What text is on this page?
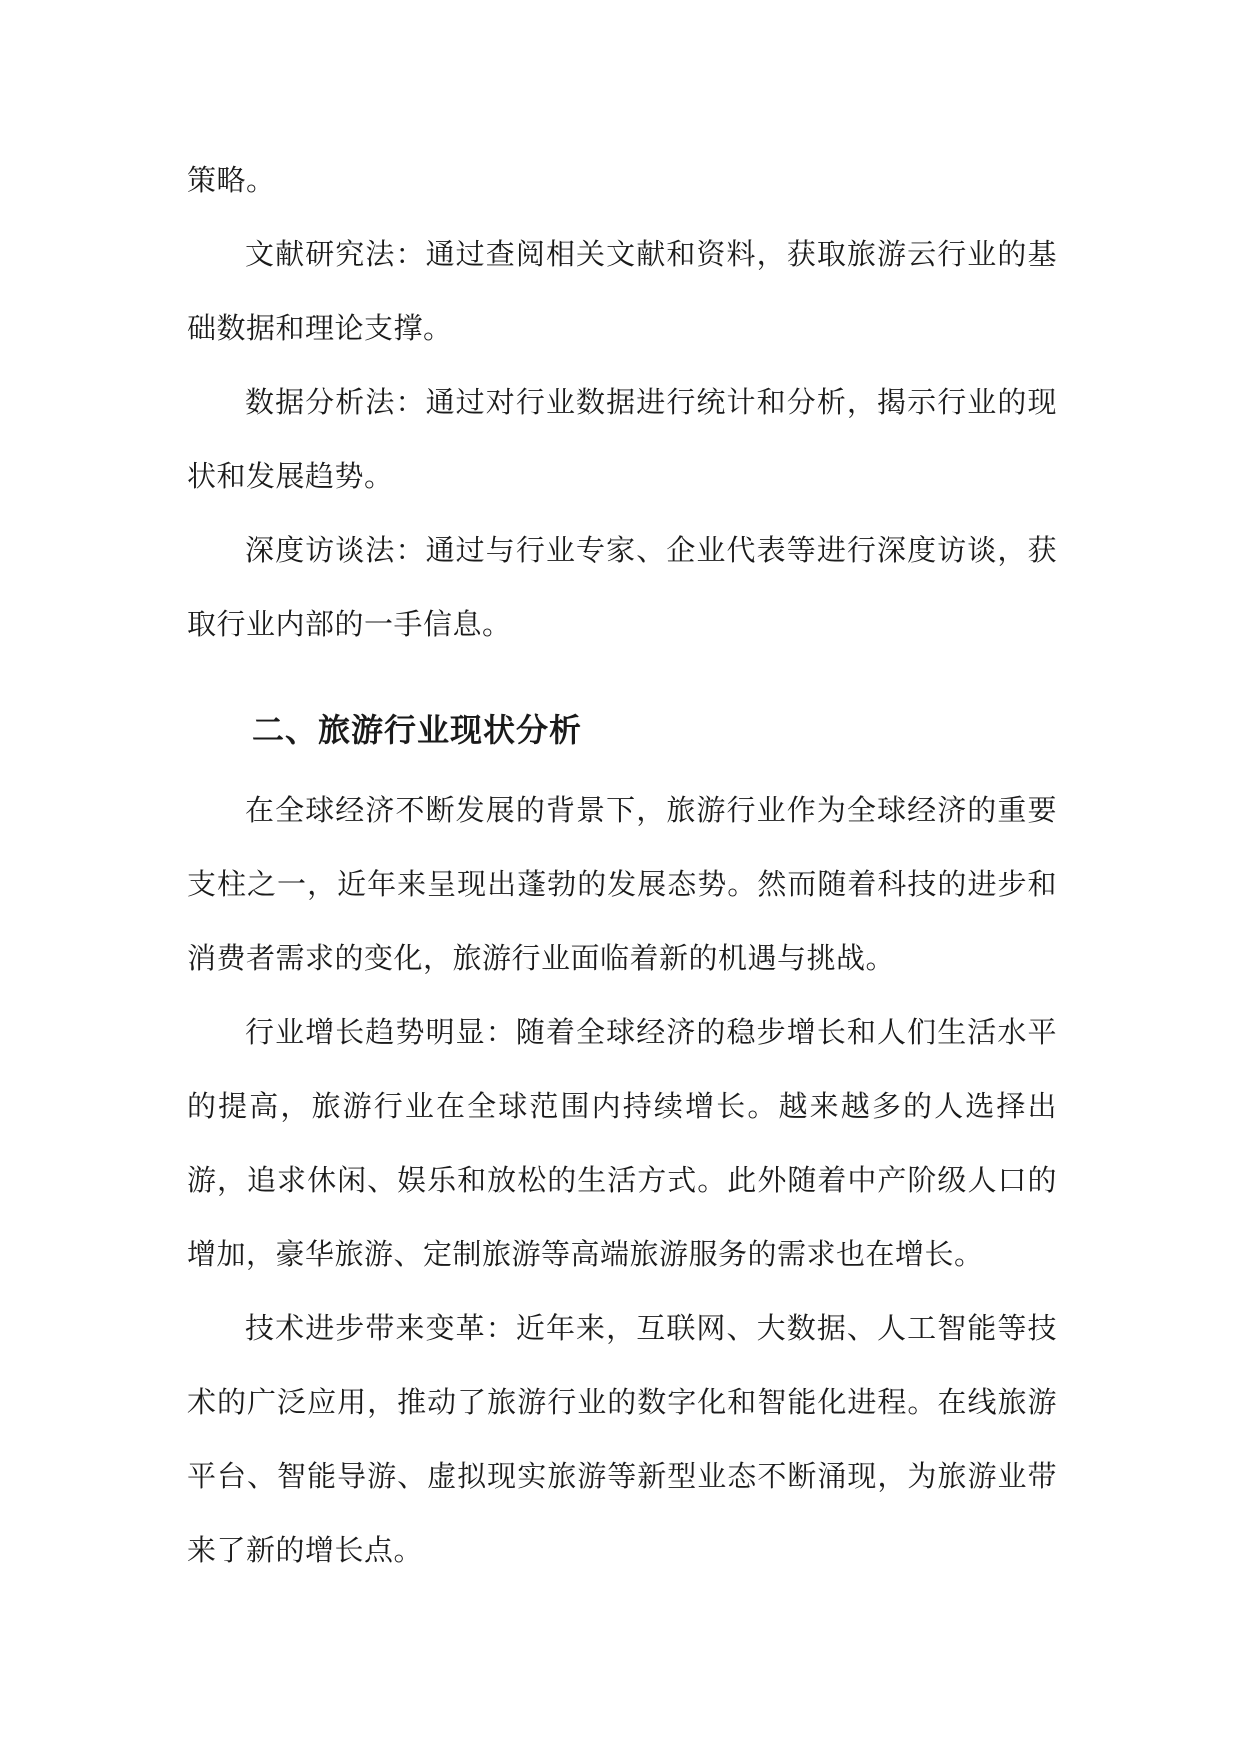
策略。

文献研究法：通过查阅相关文献和资料，获取旅游云行业的基础数据和理论支撑。

数据分析法：通过对行业数据进行统计和分析，揭示行业的现状和发展趋势。

深度访谈法：通过与行业专家、企业代表等进行深度访谈，获取行业内部的一手信息。

二、旅游行业现状分析

在全球经济不断发展的背景下，旅游行业作为全球经济的重要支柱之一，近年来呈现出蓬勃的发展态势。然而随着科技的进步和消费者需求的变化，旅游行业面临着新的机遇与挑战。

行业增长趋势明显：随着全球经济的稳步增长和人们生活水平的提高，旅游行业在全球范围内持续增长。越来越多的人选择出游，追求休闲、娱乐和放松的生活方式。此外随着中产阶级人口的增加，豪华旅游、定制旅游等高端旅游服务的需求也在增长。

技术进步带来变革：近年来，互联网、大数据、人工智能等技术的广泛应用，推动了旅游行业的数字化和智能化进程。在线旅游平台、智能导游、虚拟现实旅游等新型业态不断涌现，为旅游业带来了新的增长点。
